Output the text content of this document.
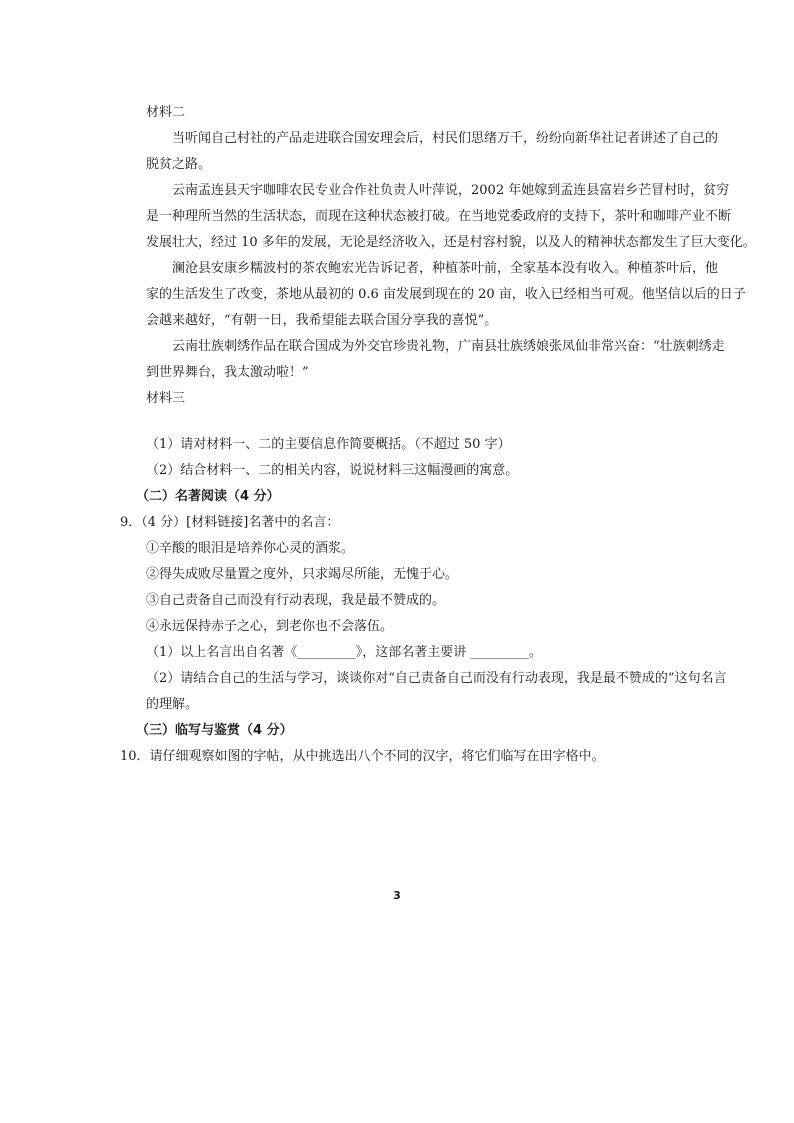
材料二
当听闻自己村社的产品走进联合国安理会后，村民们思绪万千，纷纷向新华社记者讲述了自己的
脱贫之路。
云南孟连县天宇咖啡农民专业合作社负责人叶萍说，2002 年她嫁到孟连县富岩乡芒冒村时，贫穷
是一种理所当然的生活状态，而现在这种状态被打破。在当地党委政府的支持下，茶叶和咖啡产业不断
发展壮大，经过 10 多年的发展，无论是经济收入，还是村容村貌，以及人的精神状态都发生了巨大变化。
澜沧县安康乡糯波村的茶农鲍宏光告诉记者，种植茶叶前，全家基本没有收入。种植茶叶后，他
家的生活发生了改变，茶地从最初的 0.6 亩发展到现在的 20 亩，收入已经相当可观。他坚信以后的日子
会越来越好，“有朝一日，我希望能去联合国分享我的喜悦”。
云南壮族刺绣作品在联合国成为外交官珍贵礼物，广南县壮族绣娘张凤仙非常兴奋：“壮族刺绣走
到世界舞台，我太激动啦！”
材料三
（1）请对材料一、二的主要信息作简要概括。（不超过 50 字）
（2）结合材料一、二的相关内容，说说材料三这幅漫画的寓意。
（二）名著阅读（4 分）
9．（4 分）[材料链接]名著中的名言：
①辛酸的眼泪是培养你心灵的酒浆。
②得失成败尽量置之度外，只求竭尽所能，无愧于心。
③自己责备自己而没有行动表现，我是最不赞成的。
④永远保持赤子之心，到老你也不会落伍。
（1）以上名言出自名著《_________》，这部名著主要讲 _________。
（2）请结合自己的生活与学习，谈谈你对“自己责备自己而没有行动表现，我是最不赞成的”这句名言
的理解。
（三）临写与鉴赏（4 分）
10．请仔细观察如图的字帖，从中挑选出八个不同的汉字，将它们临写在田字格中。
3
